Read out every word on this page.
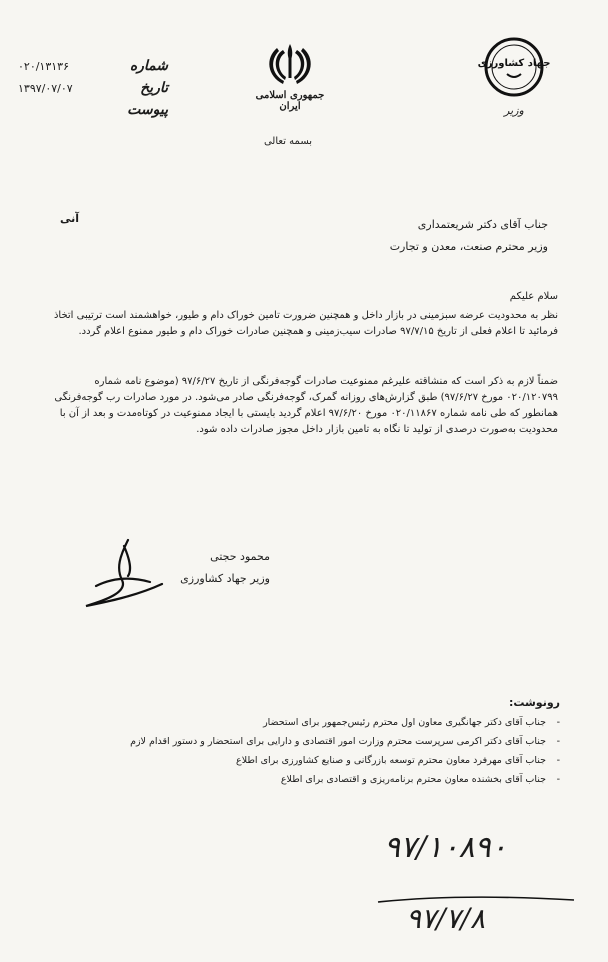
شماره
۰۲۰/۱۳۱۳۶
تاریخ
۱۳۹۷/۰۷/۰۷
پیوست
جمهوری اسلامی ایران
بسمه تعالی
جهاد کشاورزی
وزیر
آنی	جناب آقای دکتر شریعتمداری
وزیر محترم صنعت، معدن و تجارت
سلام علیکم
نظر به محدودیت عرضه سبزمینی در بازار داخل و همچنین ضرورت تامین خوراک دام و طیور، خواهشمند است ترتیبی اتخاذ فرمائید تا اعلام فعلی از تاریخ ۹۷/۷/۱۵ صادرات سیب‌زمینی و همچنین صادرات خوراک دام و طیور ممنوع اعلام گردد.
ضمناً لازم به ذکر است که منشاقته علیرغم ممنوعیت صادرات گوجه‌فرنگی از تاریخ ۹۷/۶/۲۷ (موضوع نامه شماره ۰۲۰/۱۲۰۷۹۹ مورخ ۹۷/۶/۲۷) طبق گزارش‌های روزانه گمرک، گوجه‌فرنگی صادر می‌شود. در مورد صادرات رب گوجه‌فرنگی همانطور که طی نامه شماره ۰۲۰/۱۱۸۶۷ مورخ ۹۷/۶/۲۰ اعلام گردید بایستی با ایجاد ممنوعیت در کوتاه‌مدت و بعد از آن با محدودیت به‌صورت درصدی از تولید تا نگاه به تامین بازار داخل مجوز صادرات داده شود.
محمود حجتی
وزیر جهاد کشاورزی
رونوشت:
- جناب آقای دکتر جهانگیری معاون اول محترم رئیس‌جمهور برای استحضار
- جناب آقای دکتر اکرمی سرپرست محترم وزارت امور اقتصادی و دارایی برای استحضار و دستور اقدام لازم
- جناب آقای مهرفرد معاون محترم توسعه بازرگانی و صنایع کشاورزی برای اطلاع
- جناب آقای بخشنده معاون محترم برنامه‌ریزی و اقتصادی برای اطلاع
۹۷/۱۰۸۹۰
۹۷/۷/۸
